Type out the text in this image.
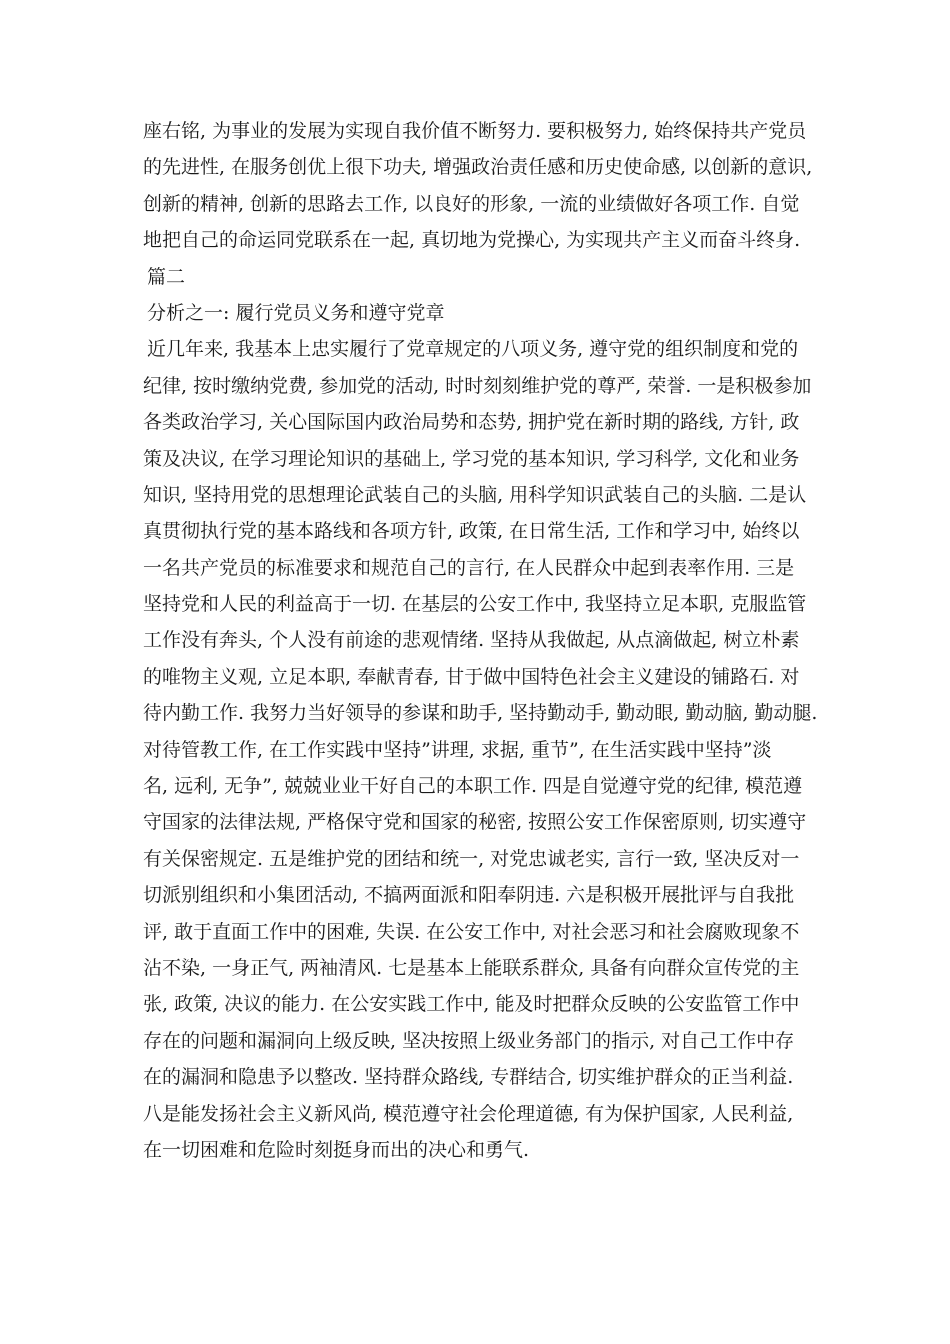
座右铭, 为事业的发展为实现自我价值不断努力. 要积极努力, 始终保持共产党员
的先进性, 在服务创优上很下功夫, 增强政治责任感和历史使命感, 以创新的意识,
创新的精神, 创新的思路去工作, 以良好的形象, 一流的业绩做好各项工作. 自觉
地把自己的命运同党联系在一起, 真切地为党操心, 为实现共产主义而奋斗终身.
篇二
分析之一: 履行党员义务和遵守党章
近几年来, 我基本上忠实履行了党章规定的八项义务, 遵守党的组织制度和党的
纪律, 按时缴纳党费, 参加党的活动, 时时刻刻维护党的尊严, 荣誉. 一是积极参加
各类政治学习, 关心国际国内政治局势和态势, 拥护党在新时期的路线, 方针, 政
策及决议, 在学习理论知识的基础上, 学习党的基本知识, 学习科学, 文化和业务
知识, 坚持用党的思想理论武装自己的头脑, 用科学知识武装自己的头脑. 二是认
真贯彻执行党的基本路线和各项方针, 政策, 在日常生活, 工作和学习中, 始终以
一名共产党员的标准要求和规范自己的言行, 在人民群众中起到表率作用. 三是
坚持党和人民的利益高于一切. 在基层的公安工作中, 我坚持立足本职, 克服监管
工作没有奔头, 个人没有前途的悲观情绪. 坚持从我做起, 从点滴做起, 树立朴素
的唯物主义观, 立足本职, 奉献青春, 甘于做中国特色社会主义建设的铺路石. 对
待内勤工作. 我努力当好领导的参谋和助手, 坚持勤动手, 勤动眼, 勤动脑, 勤动腿.
对待管教工作, 在工作实践中坚持”讲理, 求据, 重节”, 在生活实践中坚持”淡
名, 远利, 无争”, 兢兢业业干好自己的本职工作. 四是自觉遵守党的纪律, 模范遵
守国家的法律法规, 严格保守党和国家的秘密, 按照公安工作保密原则, 切实遵守
有关保密规定. 五是维护党的团结和统一, 对党忠诚老实, 言行一致, 坚决反对一
切派别组织和小集团活动, 不搞两面派和阳奉阴违. 六是积极开展批评与自我批
评, 敢于直面工作中的困难, 失误. 在公安工作中, 对社会恶习和社会腐败现象不
沾不染, 一身正气, 两袖清风. 七是基本上能联系群众, 具备有向群众宣传党的主
张, 政策, 决议的能力. 在公安实践工作中, 能及时把群众反映的公安监管工作中
存在的问题和漏洞向上级反映, 坚决按照上级业务部门的指示, 对自己工作中存
在的漏洞和隐患予以整改. 坚持群众路线, 专群结合, 切实维护群众的正当利益.
八是能发扬社会主义新风尚, 模范遵守社会伦理道德, 有为保护国家, 人民利益,
在一切困难和危险时刻挺身而出的决心和勇气.
